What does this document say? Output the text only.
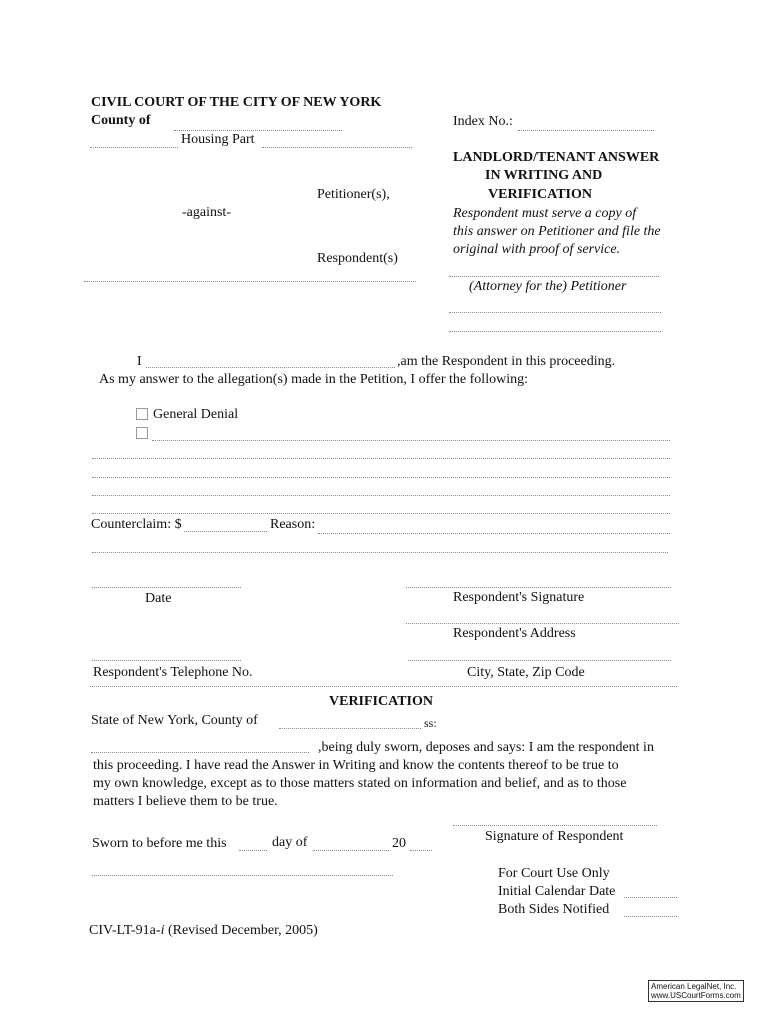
CIVIL COURT OF THE CITY OF NEW YORK
County of
Housing Part
Index No.:
LANDLORD/TENANT ANSWER
IN WRITING AND
VERIFICATION
Respondent must serve a copy of
this answer on Petitioner and file the
original with proof of service.
Petitioner(s),
-against-
Respondent(s)
(Attorney for the) Petitioner
I	,am the Respondent in this proceeding.
As my answer to the allegation(s) made in the Petition, I offer the following:
General Denial
Counterclaim: $	Reason:
Date	Respondent's Signature
Respondent's Address
Respondent's Telephone No.	City, State, Zip Code
VERIFICATION
State of New York, County of	ss:
,being duly sworn, deposes and says: I am the respondent in
this proceeding. I have read the Answer in Writing and know the contents thereof to be true to
my own knowledge, except as to those matters stated on information and belief, and as to those
matters I believe them to be true.
Sworn to before me this	day of	20	Signature of Respondent
For Court Use Only
Initial Calendar Date
Both Sides Notified
CIV-LT-91a-i (Revised December, 2005)
American LegalNet, Inc.
www.USCourtForms.com
